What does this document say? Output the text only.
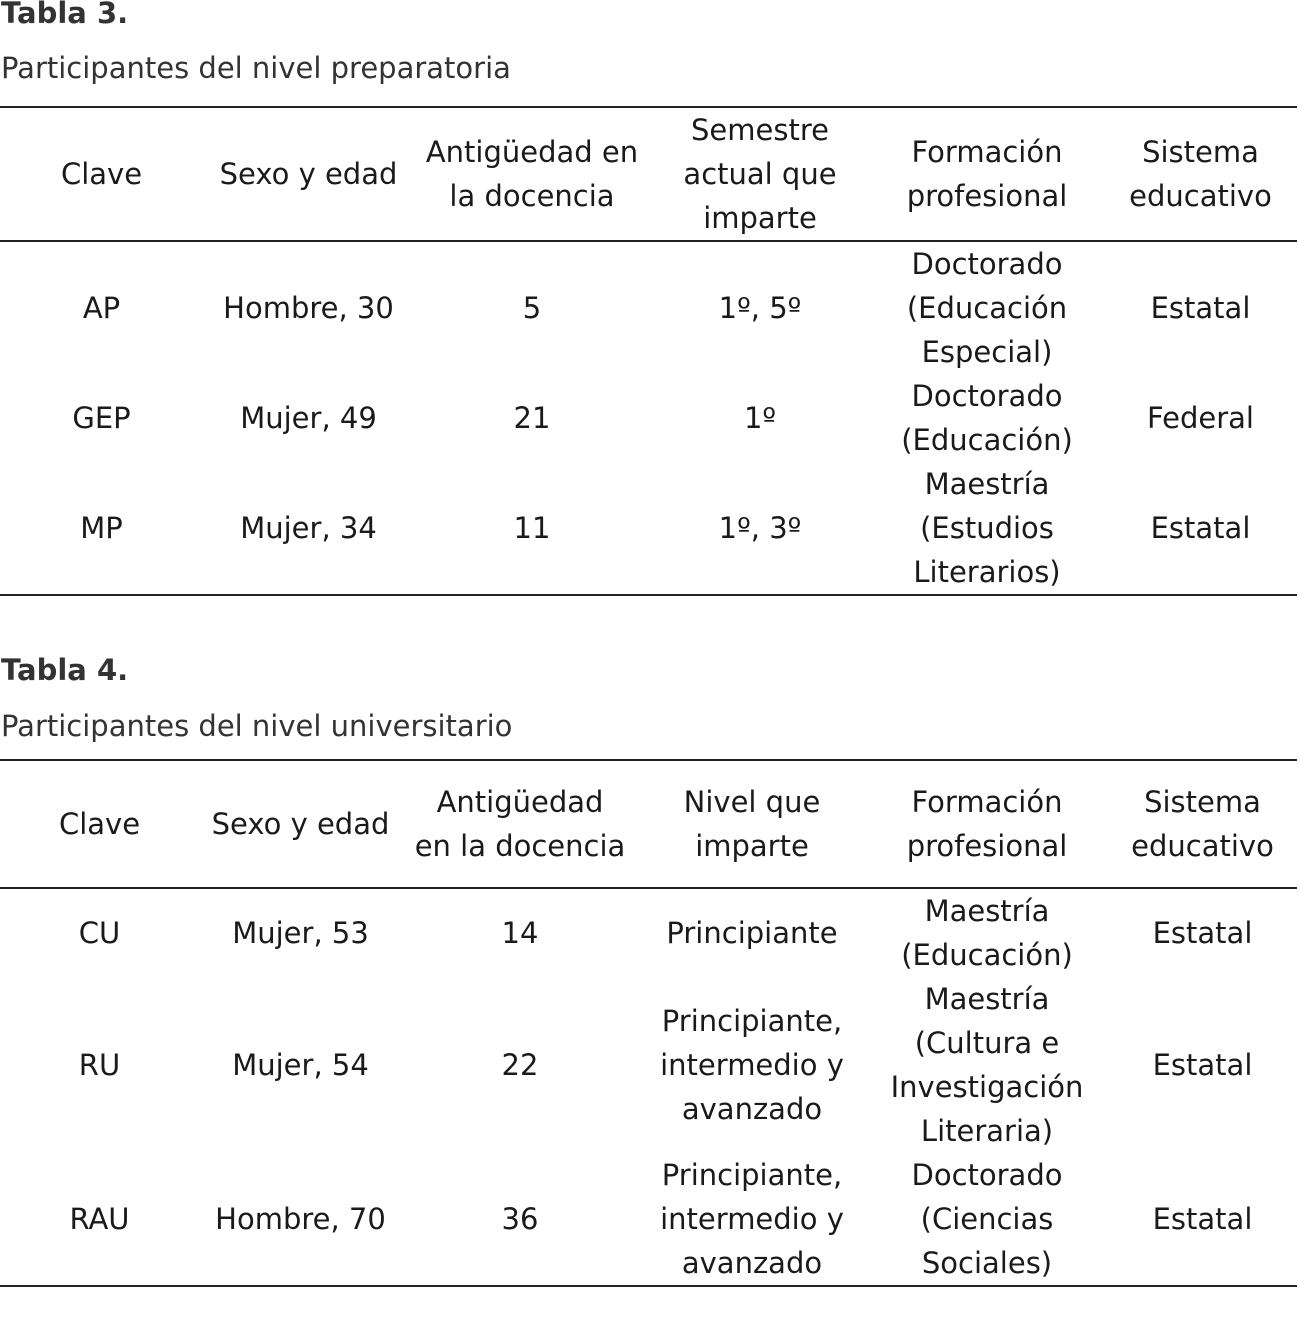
Tabla 3.

Participantes del nivel preparatoria

Clave	Sexo y edad	Antigüedad en
la docencia	Semestre
actual que
imparte	Formación
profesional	Sistema
educativo
AP	Hombre, 30	5	1º, 5º	Doctorado
(Educación
Especial)	Estatal
GEP	Mujer, 49	21	1º	Doctorado
(Educación)	Federal
MP	Mujer, 34	11	1º, 3º	Maestría
(Estudios
Literarios)	Estatal

Tabla 4.

Participantes del nivel universitario

Clave	Sexo y edad	Antigüedad
en la docencia	Nivel que
imparte	Formación
profesional	Sistema
educativo
CU	Mujer, 53	14	Principiante	Maestría
(Educación)	Estatal
RU	Mujer, 54	22	Principiante,
intermedio y
avanzado	Maestría
(Cultura e
Investigación
Literaria)	Estatal
RAU	Hombre, 70	36	Principiante,
intermedio y
avanzado	Doctorado
(Ciencias
Sociales)	Estatal
